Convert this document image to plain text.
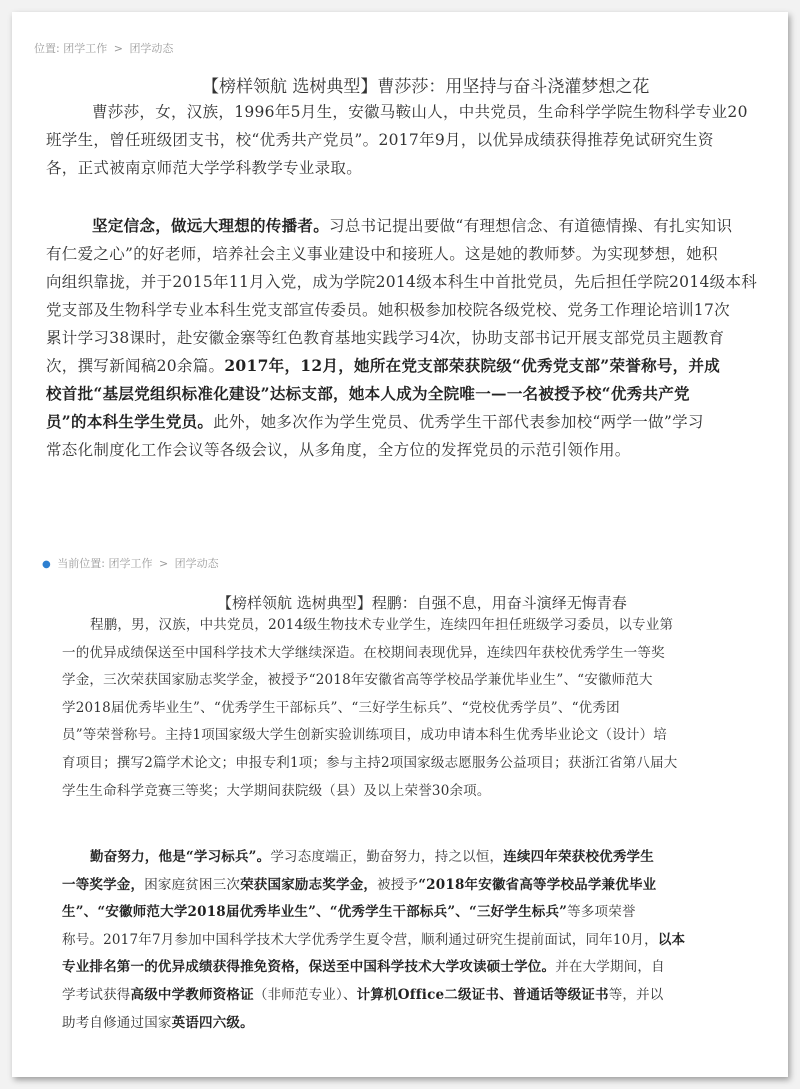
位置: 团学工作 > 团学动态
【榜样领航 选树典型】曹莎莎：用坚持与奋斗浇灌梦想之花
曹莎莎，女，汉族，1996年5月生，安徽马鞍山人，中共党员，生命科学学院生物科学专业20
班学生，曾任班级团支书，校“优秀共产党员”。2017年9月，以优异成绩获得推荐免试研究生资
各，正式被南京师范大学学科教学专业录取。
坚定信念，做远大理想的传播者。习总书记提出要做“有理想信念、有道德情操、有扎实知识
有仁爱之心”的好老师，培养社会主义事业建设中和接班人。这是她的教师梦。为实现梦想，她积
向组织靠拢，并于2015年11月入党，成为学院2014级本科生中首批党员，先后担任学院2014级本科
党支部及生物科学专业本科生党支部宣传委员。她积极参加校院各级党校、党务工作理论培训17次
累计学习38课时，赴安徽金寨等红色教育基地实践学习4次，协助支部书记开展支部党员主题教育
次，撰写新闻稿20余篇。2017年，12月，她所在党支部荣获院级“优秀党支部”荣誉称号，并成
校首批“基层党组织标准化建设”达标支部，她本人成为全院唯一—一名被授予校“优秀共产党
员”的本科生学生党员。此外，她多次作为学生党员、优秀学生干部代表参加校“两学一做”学习
常态化制度化工作会议等各级会议，从多角度，全方位的发挥党员的示范引领作用。
● 当前位置: 团学工作 > 团学动态
【榜样领航 选树典型】程鹏：自强不息，用奋斗演绎无悔青春
程鹏，男，汉族，中共党员，2014级生物技术专业学生，连续四年担任班级学习委员，以专业第
一的优异成绩保送至中国科学技术大学继续深造。在校期间表现优异，连续四年获校优秀学生一等奖
学金，三次荣获国家励志奖学金，被授予“2018年安徽省高等学校品学兼优毕业生”、“安徽师范大
学2018届优秀毕业生”、“优秀学生干部标兵”、“三好学生标兵”、“党校优秀学员”、“优秀团
员”等荣誉称号。主持1项国家级大学生创新实验训练项目，成功申请本科生优秀毕业论文（设计）培
育项目；撰写2篇学术论文；申报专利1项；参与主持2项国家级志愿服务公益项目；获浙江省第八届大
学生生命科学竞赛三等奖；大学期间获院级（县）及以上荣誉30余项。
勤奋努力，他是“学习标兵”。学习态度端正，勤奋努力，持之以恒，连续四年荣获校优秀学生
一等奖学金，困家庭贫困三次荣获国家励志奖学金，被授予“2018年安徽省高等学校品学兼优毕业
生”、“安徽师范大学2018届优秀毕业生”、“优秀学生干部标兵”、“三好学生标兵”等多项荣誉
称号。2017年7月参加中国科学技术大学优秀学生夏令营，顺利通过研究生提前面试，同年10月，以本
专业排名第一的优异成绩获得推免资格，保送至中国科学技术大学攻读硕士学位。并在大学期间，自
学考试获得高级中学教师资格证（非师范专业）、计算机Office二级证书、普通话等级证书等，并以
助考自修通过国家英语四六级。
